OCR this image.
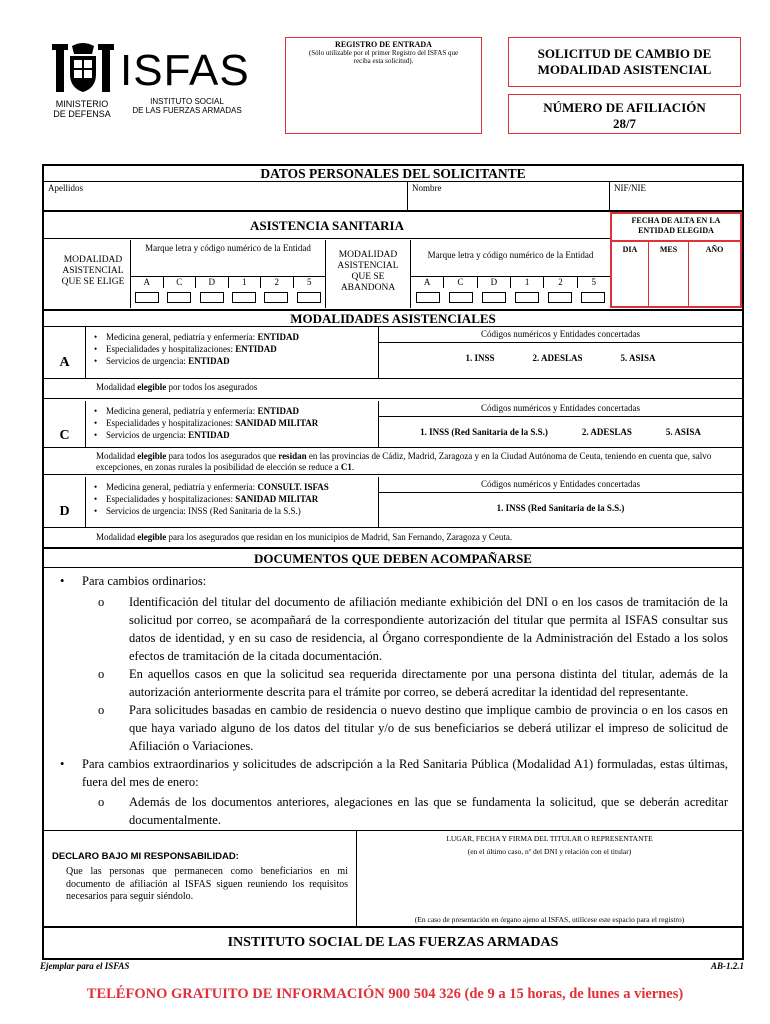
ISFAS
MINISTERIO
DE DEFENSA
INSTITUTO SOCIAL
DE LAS FUERZAS ARMADAS
REGISTRO DE ENTRADA
(Sólo utilizable por el primer Registro del ISFAS que reciba esta solicitud).	SOLICITUD DE CAMBIO DE
MODALIDAD ASISTENCIAL
NÚMERO DE AFILIACIÓN
28/7
DATOS PERSONALES DEL SOLICITANTE
Apellidos	Nombre	NIF/NIE
ASISTENCIA SANITARIA	FECHA DE ALTA EN LA ENTIDAD ELEGIDA
DIA	MES	AÑO
MODALIDAD
ASISTENCIAL
QUE SE ELIGE
Marque letra y código numérico de la Entidad
A	C	D	1	2	5
MODALIDAD
ASISTENCIAL
QUE SE
ABANDONA
Marque letra y código numérico de la Entidad
A	C	D	1	2	5
MODALIDADES ASISTENCIALES
A
• Medicina general, pediatría y enfermería: ENTIDAD
• Especialidades y hospitalizaciones: ENTIDAD
• Servicios de urgencia: ENTIDAD
Códigos numéricos y Entidades concertadas
1. INSS	2. ADESLAS	5. ASISA
Modalidad elegible por todos los asegurados
C
• Medicina general, pediatría y enfermería: ENTIDAD
• Especialidades y hospitalizaciones: SANIDAD MILITAR
• Servicios de urgencia: ENTIDAD
Códigos numéricos y Entidades concertadas
1. INSS (Red Sanitaria de la S.S.)	2. ADESLAS	5. ASISA
Modalidad elegible para todos los asegurados que residan en las provincias de Cádiz, Madrid, Zaragoza y en la Ciudad Autónoma de Ceuta, teniendo en cuenta que, salvo excepciones, en zonas rurales la posibilidad de elección se reduce a C1.
D
• Medicina general, pediatría y enfermería: CONSULT. ISFAS
• Especialidades y hospitalizaciones: SANIDAD MILITAR
• Servicios de urgencia: INSS (Red Sanitaria de la S.S.)
Códigos numéricos y Entidades concertadas
1. INSS (Red Sanitaria de la S.S.)
Modalidad elegible para los asegurados que residan en los municipios de Madrid, San Fernando, Zaragoza y Ceuta.
DOCUMENTOS QUE DEBEN ACOMPAÑARSE
• Para cambios ordinarios:
o Identificación del titular del documento de afiliación mediante exhibición del DNI o en los casos de tramitación de la solicitud por correo, se acompañará de la correspondiente autorización del titular que permita al ISFAS consultar sus datos de identidad, y en su caso de residencia, al Órgano correspondiente de la Administración del Estado a los solos efectos de tramitación de la citada documentación.
o En aquellos casos en que la solicitud sea requerida directamente por una persona distinta del titular, además de la autorización anteriormente descrita para el trámite por correo, se deberá acreditar la identidad del representante.
o Para solicitudes basadas en cambio de residencia o nuevo destino que implique cambio de provincia o en los casos en que haya variado alguno de los datos del titular y/o de sus beneficiarios se deberá utilizar el impreso de solicitud de Afiliación o Variaciones.
• Para cambios extraordinarios y solicitudes de adscripción a la Red Sanitaria Pública (Modalidad A1) formuladas, estas últimas, fuera del mes de enero:
o Además de los documentos anteriores, alegaciones en las que se fundamenta la solicitud, que se deberán acreditar documentalmente.
DECLARO BAJO MI RESPONSABILIDAD:
Que las personas que permanecen como beneficiarios en mi documento de afiliación al ISFAS siguen reuniendo los requisitos necesarios para seguir siéndolo.
LUGAR, FECHA Y FIRMA DEL TITULAR O REPRESENTANTE
(en el último caso, nº del DNI y relación con el titular)
(En caso de presentación en órgano ajeno al ISFAS, utilícese este espacio para el registro)
INSTITUTO SOCIAL DE LAS FUERZAS ARMADAS
Ejemplar para el ISFAS	AB-1.2.1
TELÉFONO GRATUITO DE INFORMACIÓN 900 504 326 (de 9 a 15 horas, de lunes a viernes)
